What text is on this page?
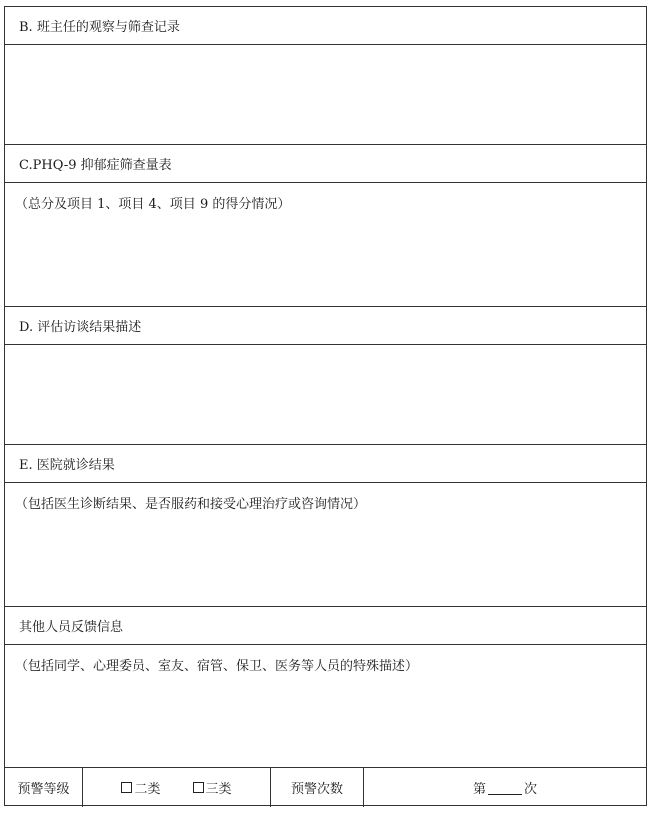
B. 班主任的观察与筛查记录
C.PHQ-9 抑郁症筛查量表
（总分及项目 1、项目 4、项目 9 的得分情况）
D. 评估访谈结果描述
E. 医院就诊结果
（包括医生诊断结果、是否服药和接受心理治疗或咨询情况）
其他人员反馈信息
（包括同学、心理委员、室友、宿管、保卫、医务等人员的特殊描述）
预警等级	二类	三类	预警次数	第	次
